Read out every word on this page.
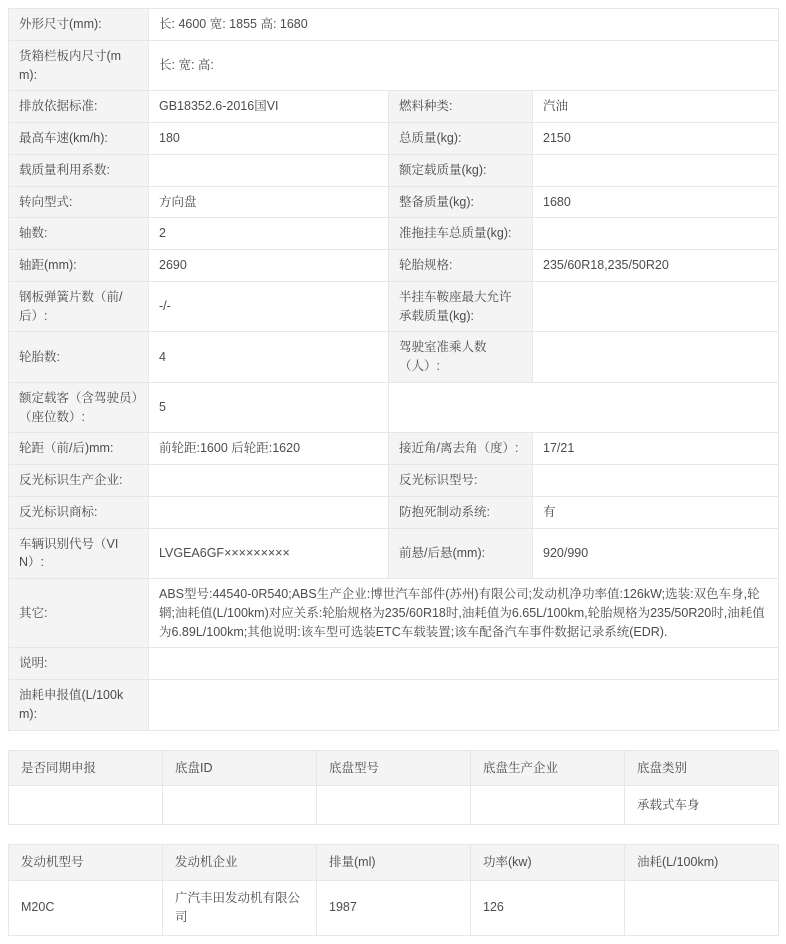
外形尺寸(mm):	长: 4600 宽: 1855 高: 1680		
货箱栏板内尺寸(mm):	长: 宽: 高:		
排放依据标准:	GB18352.6-2016国VI	燃料种类:	汽油
最高车速(km/h):	180	总质量(kg):	2150
载质量利用系数:		额定载质量(kg):	
转向型式:	方向盘	整备质量(kg):	1680
轴数:	2	准拖挂车总质量(kg):	
轴距(mm):	2690	轮胎规格:	235/60R18,235/50R20
钢板弹簧片数（前/后）:	-/-	半挂车鞍座最大允许承载质量(kg):	
轮胎数:	4	驾驶室准乘人数（人）:	
额定载客（含驾驶员）（座位数）:	5		
轮距（前/后)mm:	前轮距:1600 后轮距:1620	接近角/离去角（度）:	17/21
反光标识生产企业:		反光标识型号:	
反光标识商标:		防抱死制动系统:	有
车辆识别代号（VIN）:	LVGEA6GF×××××××××	前悬/后悬(mm):	920/990
其它:	ABS型号:44540-0R540;ABS生产企业:博世汽车部件(苏州)有限公司;发动机净功率值:126kW;选装:双色车身,轮辋;油耗值(L/100km)对应关系:轮胎规格为235/60R18时,油耗值为6.65L/100km,轮胎规格为235/50R20时,油耗值为6.89L/100km;其他说明:该车型可选装ETC车载装置;该车配备汽车事件数据记录系统(EDR).		
说明:			
油耗申报值(L/100km):			
是否同期申报	底盘ID	底盘型号	底盘生产企业	底盘类别
				承载式车身
发动机型号	发动机企业	排量(ml)	功率(kw)	油耗(L/100km)
M20C	广汽丰田发动机有限公司	1987	126	
